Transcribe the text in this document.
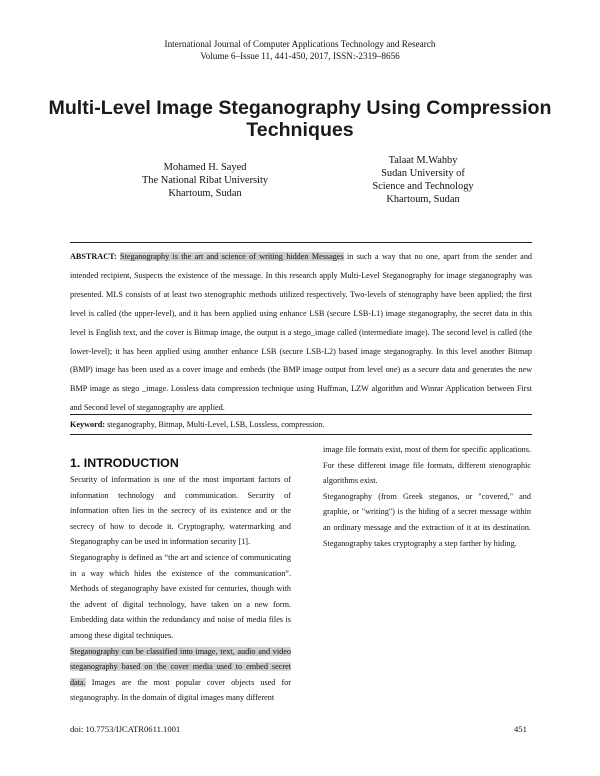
International Journal of Computer Applications Technology and Research
Volume 6–Issue 11, 441-450, 2017, ISSN:-2319–8656
Multi-Level Image Steganography Using Compression
Techniques
Mohamed H. Sayed
The National Ribat University
Khartoum, Sudan
Talaat M.Wahby
Sudan University of
Science and Technology
Khartoum, Sudan
ABSTRACT: Steganography is the art and science of writing hidden Messages in such a way that no one, apart from the sender and intended recipient, Suspects the existence of the message. In this research apply Multi-Level Steganography for image steganography was presented. MLS consists of at least two stenographic methods utilized respectively. Two-levels of stenography have been applied; the first level is called (the upper-level), and it has been applied using enhance LSB (secure LSB-L1) image steganography, the secret data in this level is English text, and the cover is Bitmap image, the output is a stego_image called (intermediate image). The second level is called (the lower-level); it has been applied using another enhance LSB (secure LSB-L2) based image steganography. In this level another Bitmap (BMP) image has been used as a cover image and embeds (the BMP image output from level one) as a secure data and generates the new BMP image as stego _image. Lossless data compression technique using Huffman, LZW algorithm and Winrar Application between First and Second level of steganography are applied.
Keyword: steganography, Bitmap, Multi-Level, LSB, Lossless, compression.
1. INTRODUCTION

Security of information is one of the most important factors of information technology and communication. Security of information often lies in the secrecy of its existence and or the secrecy of how to decode it. Cryptography, watermarking and Steganography can be used in information security [1].

Steganography is defined as “the art and science of communicating in a way which hides the existence of the communication”. Methods of steganography have existed for centuries, though with the advent of digital technology, have taken on a new form. Embedding data within the redundancy and noise of media files is among these digital techniques.

Steganography can be classified into image, text, audio and video steganography based on the cover media used to embed secret data. Images are the most popular cover objects used for steganography. In the domain of digital images many different

image file formats exist, most of them for specific applications. For these different image file formats, different stenographic algorithms exist.

Steganography (from Greek steganos, or "covered," and graphie, or "writing") is the hiding of a secret message within an ordinary message and the extraction of it at its destination. Steganography takes cryptography a step farther by hiding.

doi: 10.7753/IJCATR0611.1001	451
